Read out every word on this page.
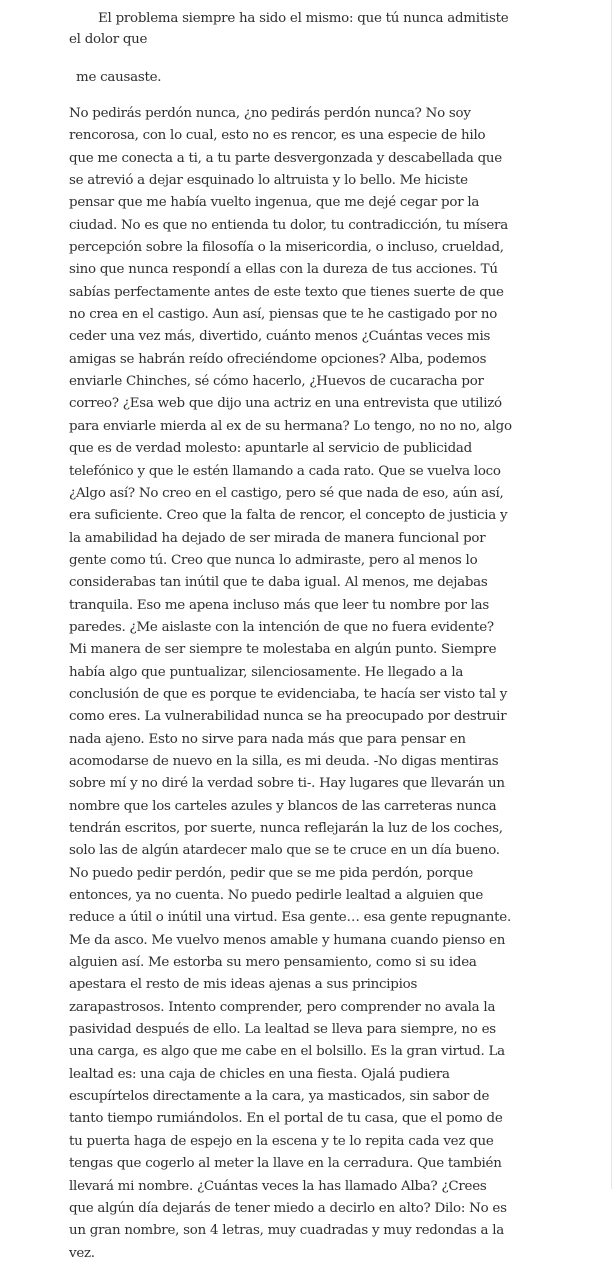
El problema siempre ha sido el mismo: que tú nunca admitiste el dolor que

me causaste.

No pedirás perdón nunca, ¿no pedirás perdón nunca? No soy rencorosa, con lo cual, esto no es rencor, es una especie de hilo que me conecta a ti, a tu parte desvergonzada y descabellada que se atrevió a dejar esquinado lo altruista y lo bello. Me hiciste pensar que me había vuelto ingenua, que me dejé cegar por la ciudad. No es que no entienda tu dolor, tu contradicción, tu mísera percepción sobre la filosofía o la misericordia, o incluso, crueldad, sino que nunca respondí a ellas con la dureza de tus acciones. Tú sabías perfectamente antes de este texto que tienes suerte de que no crea en el castigo. Aun así, piensas que te he castigado por no ceder una vez más, divertido, cuánto menos ¿Cuántas veces mis amigas se habrán reído ofreciéndome opciones? Alba, podemos enviarle Chinches, sé cómo hacerlo, ¿Huevos de cucaracha por correo? ¿Esa web que dijo una actriz en una entrevista que utilizó para enviarle mierda al ex de su hermana? Lo tengo, no no no, algo que es de verdad molesto: apuntarle al servicio de publicidad telefónico y que le estén llamando a cada rato. Que se vuelva loco ¿Algo así? No creo en el castigo, pero sé que nada de eso, aún así, era suficiente. Creo que la falta de rencor, el concepto de justicia y la amabilidad ha dejado de ser mirada de manera funcional por gente como tú. Creo que nunca lo admiraste, pero al menos lo considerabas tan inútil que te daba igual. Al menos, me dejabas tranquila. Eso me apena incluso más que leer tu nombre por las paredes. ¿Me aislaste con la intención de que no fuera evidente? Mi manera de ser siempre te molestaba en algún punto. Siempre había algo que puntualizar, silenciosamente. He llegado a la conclusión de que es porque te evidenciaba, te hacía ser visto tal y como eres. La vulnerabilidad nunca se ha preocupado por destruir nada ajeno. Esto no sirve para nada más que para pensar en acomodarse de nuevo en la silla, es mi deuda. -No digas mentiras sobre mí y no diré la verdad sobre ti-. Hay lugares que llevarán un nombre que los carteles azules y blancos de las carreteras nunca tendrán escritos, por suerte, nunca reflejarán la luz de los coches, solo las de algún atardecer malo que se te cruce en un día bueno. No puedo pedir perdón, pedir que se me pida perdón, porque entonces, ya no cuenta. No puedo pedirle lealtad a alguien que reduce a útil o inútil una virtud. Esa gente… esa gente repugnante. Me da asco. Me vuelvo menos amable y humana cuando pienso en alguien así. Me estorba su mero pensamiento, como si su idea apestara el resto de mis ideas ajenas a sus principios zarapastrosos. Intento comprender, pero comprender no avala la pasividad después de ello. La lealtad se lleva para siempre, no es una carga, es algo que me cabe en el bolsillo. Es la gran virtud. La lealtad es: una caja de chicles en una fiesta. Ojalá pudiera escupírtelos directamente a la cara, ya masticados, sin sabor de tanto tiempo rumiándolos. En el portal de tu casa, que el pomo de tu puerta haga de espejo en la escena y te lo repita cada vez que tengas que cogerlo al meter la llave en la cerradura. Que también llevará mi nombre. ¿Cuántas veces la has llamado Alba? ¿Crees que algún día dejarás de tener miedo a decirlo en alto? Dilo: No es un gran nombre, son 4 letras, muy cuadradas y muy redondas a la vez.
